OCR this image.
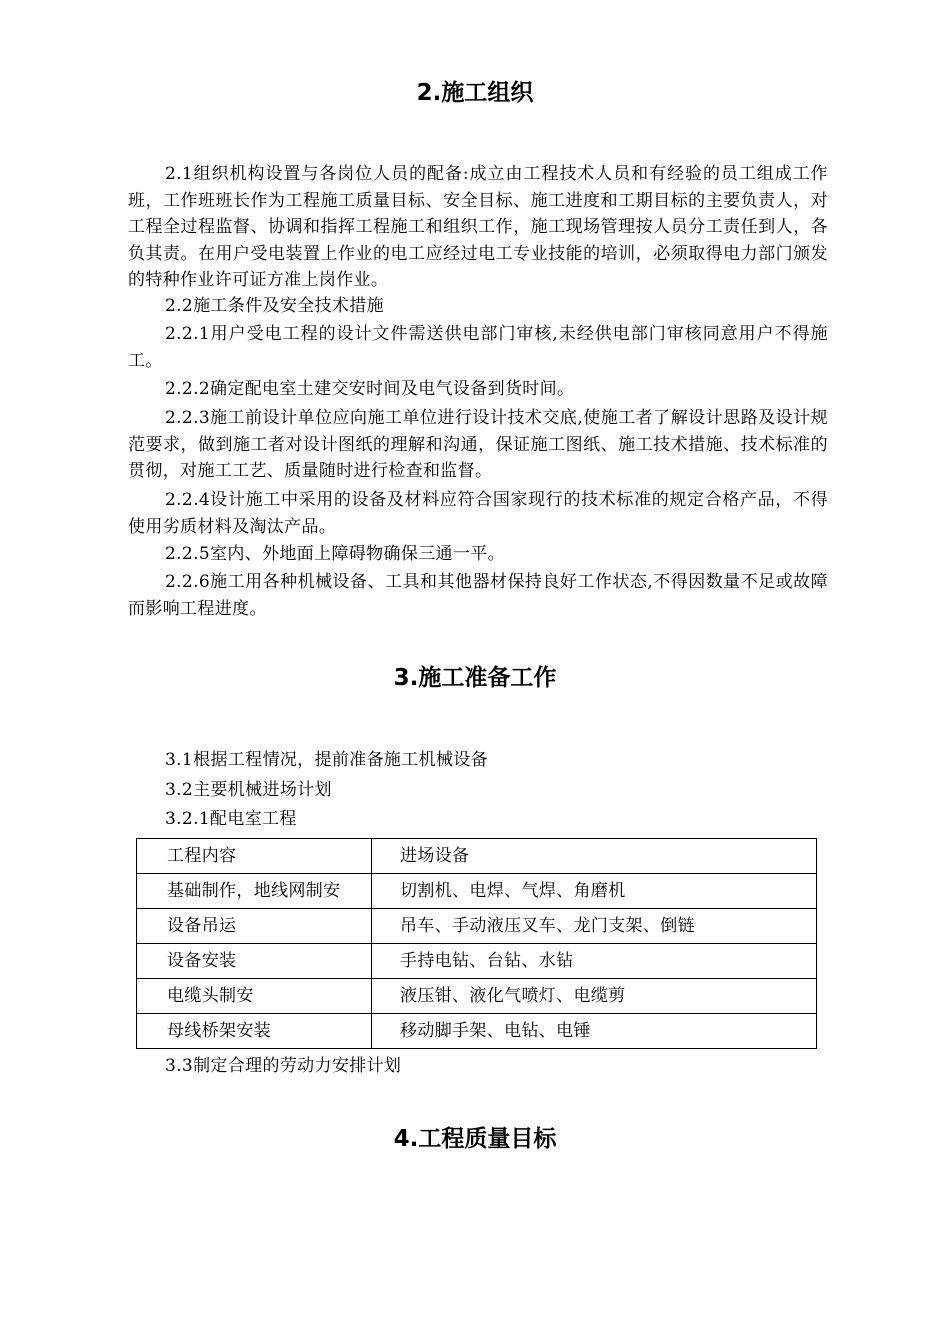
2.施工组织

2.1组织机构设置与各岗位人员的配备:成立由工程技术人员和有经验的员工组成工作班，工作班班长作为工程施工质量目标、安全目标、施工进度和工期目标的主要负责人，对工程全过程监督、协调和指挥工程施工和组织工作，施工现场管理按人员分工责任到人，各负其责。在用户受电装置上作业的电工应经过电工专业技能的培训，必须取得电力部门颁发的特种作业许可证方准上岗作业。

2.2施工条件及安全技术措施

2.2.1用户受电工程的设计文件需送供电部门审核,未经供电部门审核同意用户不得施工。

2.2.2确定配电室土建交安时间及电气设备到货时间。

2.2.3施工前设计单位应向施工单位进行设计技术交底,使施工者了解设计思路及设计规范要求，做到施工者对设计图纸的理解和沟通，保证施工图纸、施工技术措施、技术标准的贯彻，对施工工艺、质量随时进行检查和监督。

2.2.4设计施工中采用的设备及材料应符合国家现行的技术标准的规定合格产品，不得使用劣质材料及淘汰产品。

2.2.5室内、外地面上障碍物确保三通一平。

2.2.6施工用各种机械设备、工具和其他器材保持良好工作状态,不得因数量不足或故障而影响工程进度。

3.施工准备工作

3.1根据工程情况，提前准备施工机械设备

3.2主要机械进场计划

3.2.1配电室工程

工程内容	进场设备
基础制作，地线网制安	切割机、电焊、气焊、角磨机
设备吊运	吊车、手动液压叉车、龙门支架、倒链
设备安装	手持电钻、台钻、水钻
电缆头制安	液压钳、液化气喷灯、电缆剪
母线桥架安装	移动脚手架、电钻、电锤

3.3制定合理的劳动力安排计划

4.工程质量目标
